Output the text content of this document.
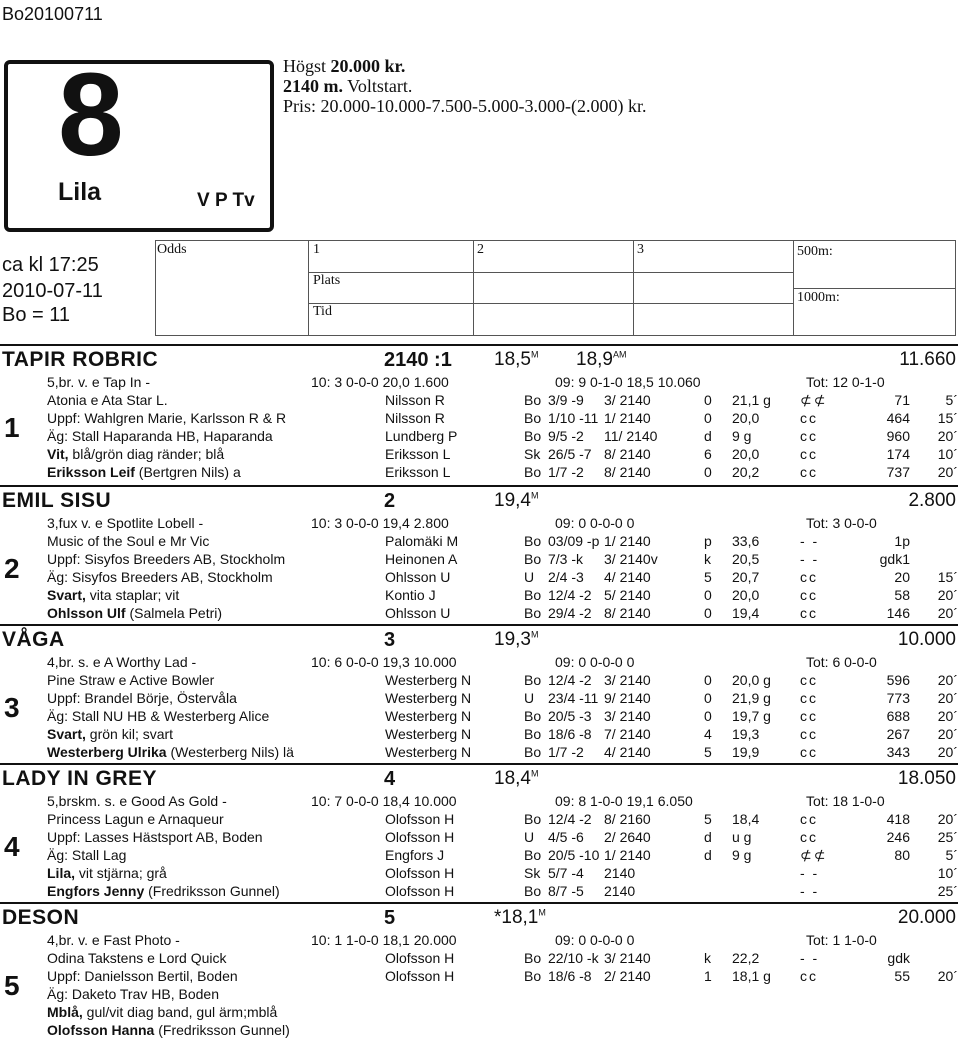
Bo20100711
8
Lila	V P Tv
Högst 20.000 kr.
2140 m. Voltstart.
Pris: 20.000-10.000-7.500-5.000-3.000-(2.000) kr.
ca kl 17:25
2010-07-11
Bo = 11
Odds	1	2	3
Plats
Tid
500m:
1000m:
TAPIR ROBRIC	2140 :1 $18,5^M$ $18,9^{AM}$	11.660
5,br. v. e Tap In -	10: 3 0-0-0 20,0 1.600	09: 9 0-1-0 18,5 10.060	Tot: 12 0-1-0
1
Atonia e Ata Star L.	Nilsson R	Bo 3/9 -9 3/ 2140	0 21,1 g ⊄⊄	71	5´
Uppf: Wahlgren Marie, Karlsson R & R	Nilsson R	Bo 1/10 -11 1/ 2140	0 20,0	cc	464 15´
Äg: Stall Haparanda HB, Haparanda	Lundberg P	Bo 9/5 -2 11/ 2140	d 9 g	cc	960 20´
Vit, blå/grön diag ränder; blå	Eriksson L	Sk 26/5 -7 8/ 2140	6 20,0	cc	174 10´
Eriksson Leif (Bertgren Nils) a	Eriksson L	Bo 1/7 -2 8/ 2140	0 20,2	cc	737 20´
EMIL SISU	2	$19,4^M$	2.800
3,fux v. e Spotlite Lobell -	10: 3 0-0-0 19,4 2.800	09: 0 0-0-0 0	Tot: 3 0-0-0
2
Music of the Soul e Mr Vic	Palomäki M	Bo 03/09 -p 1/ 2140	p 33,6	- -	1p
Uppf: Sisyfos Breeders AB, Stockholm	Heinonen A	Bo 7/3 -k 3/ 2140v	k 20,5	- -	gdk1
Äg: Sisyfos Breeders AB, Stockholm	Ohlsson U	U 2/4 -3 4/ 2140	5 20,7	cc	20 15´
Svart, vita staplar; vit	Kontio J	Bo 12/4 -2 5/ 2140	0 20,0	cc	58 20´
Ohlsson Ulf (Salmela Petri)	Ohlsson U	Bo 29/4 -2 8/ 2140	0 19,4	cc	146 20´
VÅGA	3	$19,3^M$	10.000
4,br. s. e A Worthy Lad -	10: 6 0-0-0 19,3 10.000	09: 0 0-0-0 0	Tot: 6 0-0-0
3
Pine Straw e Active Bowler	Westerberg N	Bo 12/4 -2 3/ 2140	0 20,0 g cc	596 20´
Uppf: Brandel Börje, Östervåla	Westerberg N	U 23/4 -11 9/ 2140	0 21,9 g cc	773 20´
Äg: Stall NU HB & Westerberg Alice	Westerberg N	Bo 20/5 -3 3/ 2140	0 19,7 g cc	688 20´
Svart, grön kil; svart	Westerberg N	Bo 18/6 -8 7/ 2140	4 19,3	cc	267 20´
Westerberg Ulrika (Westerberg Nils) lä	Westerberg N	Bo 1/7 -2 4/ 2140	5 19,9	cc	343 20´
LADY IN GREY	4	$18,4^M$	18.050
5,brskm. s. e Good As Gold -	10: 7 0-0-0 18,4 10.000	09: 8 1-0-0 19,1 6.050	Tot: 18 1-0-0
4
Princess Lagun e Arnaqueur	Olofsson H	Bo 12/4 -2 8/ 2160	5 18,4	cc	418 20´
Uppf: Lasses Hästsport AB, Boden	Olofsson H	U 4/5 -6 2/ 2640	d u g	cc	246 25´
Äg: Stall Lag	Engfors J	Bo 20/5 -10 1/ 2140	d 9 g	⊄⊄	80	5´
Lila, vit stjärna; grå	Olofsson H	Sk 5/7 -4 2140	- -	10´
Engfors Jenny (Fredriksson Gunnel)	Olofsson H	Bo 8/7 -5 2140	- -	25´
DESON	5	$*18,1^M$	20.000
4,br. v. e Fast Photo -	10: 1 1-0-0 18,1 20.000	09: 0 0-0-0 0	Tot: 1 1-0-0
5
Odina Takstens e Lord Quick	Olofsson H	Bo 22/10 -k 3/ 2140	k 22,2	- -	gdk
Uppf: Danielsson Bertil, Boden	Olofsson H	Bo 18/6 -8 2/ 2140	1 18,1 g cc	55 20´
Äg: Daketo Trav HB, Boden
Mblå, gul/vit diag band, gul ärm;mblå
Olofsson Hanna (Fredriksson Gunnel)
